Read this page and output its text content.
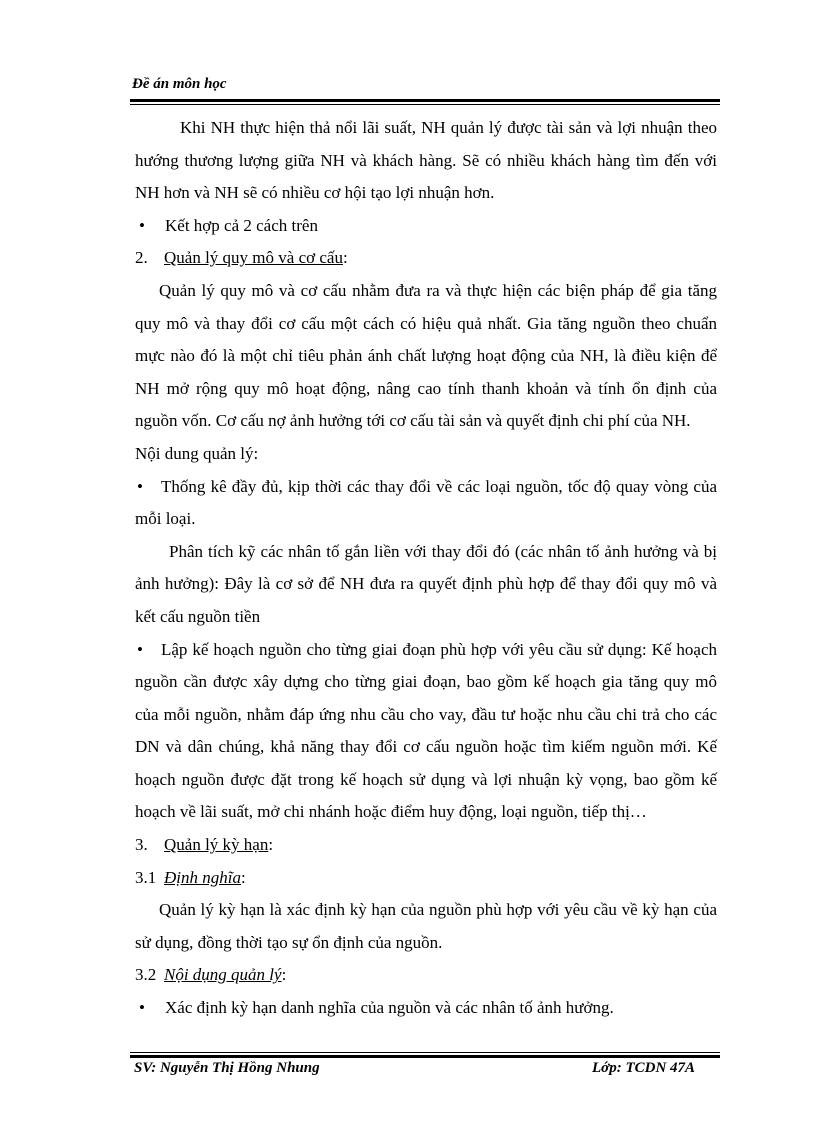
Đề án môn học

Khi NH thực hiện thả nổi lãi suất, NH quản lý được tài sản và lợi nhuận theo hướng thương lượng giữa NH và khách hàng. Sẽ có nhiều khách hàng tìm đến với NH hơn và NH sẽ có nhiều cơ hội tạo lợi nhuận hơn.

• Kết hợp cả 2 cách trên

2. Quản lý quy mô và cơ cấu:

Quản lý quy mô và cơ cấu nhằm đưa ra và thực hiện các biện pháp để gia tăng quy mô và thay đổi cơ cấu một cách có hiệu quả nhất. Gia tăng nguồn theo chuẩn mực nào đó là một chỉ tiêu phản ánh chất lượng hoạt động của NH, là điều kiện để NH mở rộng quy mô hoạt động, nâng cao tính thanh khoản và tính ổn định của nguồn vốn. Cơ cấu nợ ảnh hưởng tới cơ cấu tài sản và quyết định chi phí của NH.

Nội dung quản lý:

• Thống kê đầy đủ, kịp thời các thay đổi về các loại nguồn, tốc độ quay vòng của mỗi loại.

Phân tích kỹ các nhân tố gắn liền với thay đổi đó (các nhân tố ảnh hưởng và bị ảnh hưởng): Đây là cơ sở để NH đưa ra quyết định phù hợp để thay đổi quy mô và kết cấu nguồn tiền

• Lập kế hoạch nguồn cho từng giai đoạn phù hợp với yêu cầu sử dụng: Kế hoạch nguồn cần được xây dựng cho từng giai đoạn, bao gồm kế hoạch gia tăng quy mô của mỗi nguồn, nhằm đáp ứng nhu cầu cho vay, đầu tư hoặc nhu cầu chi trả cho các DN và dân chúng, khả năng thay đổi cơ cấu nguồn hoặc tìm kiếm nguồn mới. Kế hoạch nguồn được đặt trong kế hoạch sử dụng và lợi nhuận kỳ vọng, bao gồm kế hoạch về lãi suất, mở chi nhánh hoặc điểm huy động, loại nguồn, tiếp thị…

3. Quản lý kỳ hạn:

3.1 Định nghĩa:

Quản lý kỳ hạn là xác định kỳ hạn của nguồn phù hợp với yêu cầu về kỳ hạn của sử dụng, đồng thời tạo sự ổn định của nguồn.

3.2 Nội dụng quản lý:

• Xác định kỳ hạn danh nghĩa của nguồn và các nhân tố ảnh hưởng.

SV: Nguyễn Thị Hồng Nhung	Lớp: TCDN 47A
